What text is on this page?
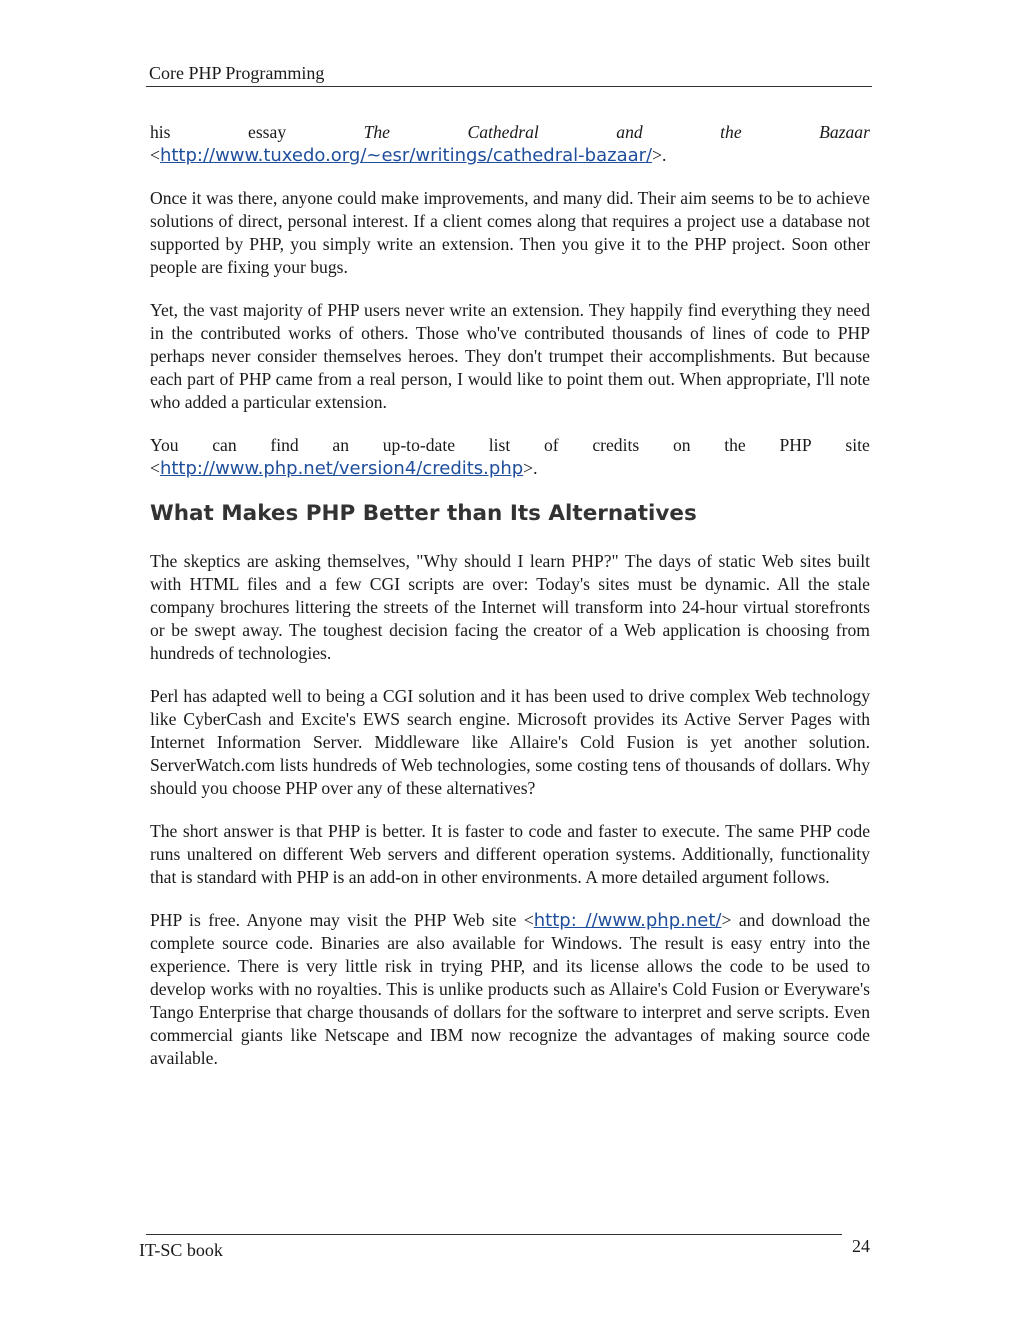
Core PHP Programming
his	essay	The	Cathedral	and	the	Bazaar

<http://www.tuxedo.org/~esr/writings/cathedral-bazaar/>.

Once it was there, anyone could make improvements, and many did. Their aim seems to be to achieve solutions of direct, personal interest. If a client comes along that requires a project use a database not supported by PHP, you simply write an extension. Then you give it to the PHP project. Soon other people are fixing your bugs.

Yet, the vast majority of PHP users never write an extension. They happily find everything they need in the contributed works of others. Those who've contributed thousands of lines of code to PHP perhaps never consider themselves heroes. They don't trumpet their accomplishments. But because each part of PHP came from a real person, I would like to point them out. When appropriate, I'll note who added a particular extension.

You can find an up-to-date list of credits on the PHP site

<http://www.php.net/version4/credits.php>.

What Makes PHP Better than Its Alternatives

The skeptics are asking themselves, "Why should I learn PHP?" The days of static Web sites built with HTML files and a few CGI scripts are over: Today's sites must be dynamic. All the stale company brochures littering the streets of the Internet will transform into 24-hour virtual storefronts or be swept away. The toughest decision facing the creator of a Web application is choosing from hundreds of technologies.

Perl has adapted well to being a CGI solution and it has been used to drive complex Web technology like CyberCash and Excite's EWS search engine. Microsoft provides its Active Server Pages with Internet Information Server. Middleware like Allaire's Cold Fusion is yet another solution. ServerWatch.com lists hundreds of Web technologies, some costing tens of thousands of dollars. Why should you choose PHP over any of these alternatives?

The short answer is that PHP is better. It is faster to code and faster to execute. The same PHP code runs unaltered on different Web servers and different operation systems. Additionally, functionality that is standard with PHP is an add-on in other environments. A more detailed argument follows.

PHP is free. Anyone may visit the PHP Web site <http: //www.php.net/> and download the complete source code. Binaries are also available for Windows. The result is easy entry into the experience. There is very little risk in trying PHP, and its license allows the code to be used to develop works with no royalties. This is unlike products such as Allaire's Cold Fusion or Everyware's Tango Enterprise that charge thousands of dollars for the software to interpret and serve scripts. Even commercial giants like Netscape and IBM now recognize the advantages of making source code available.

IT-SC book	24
